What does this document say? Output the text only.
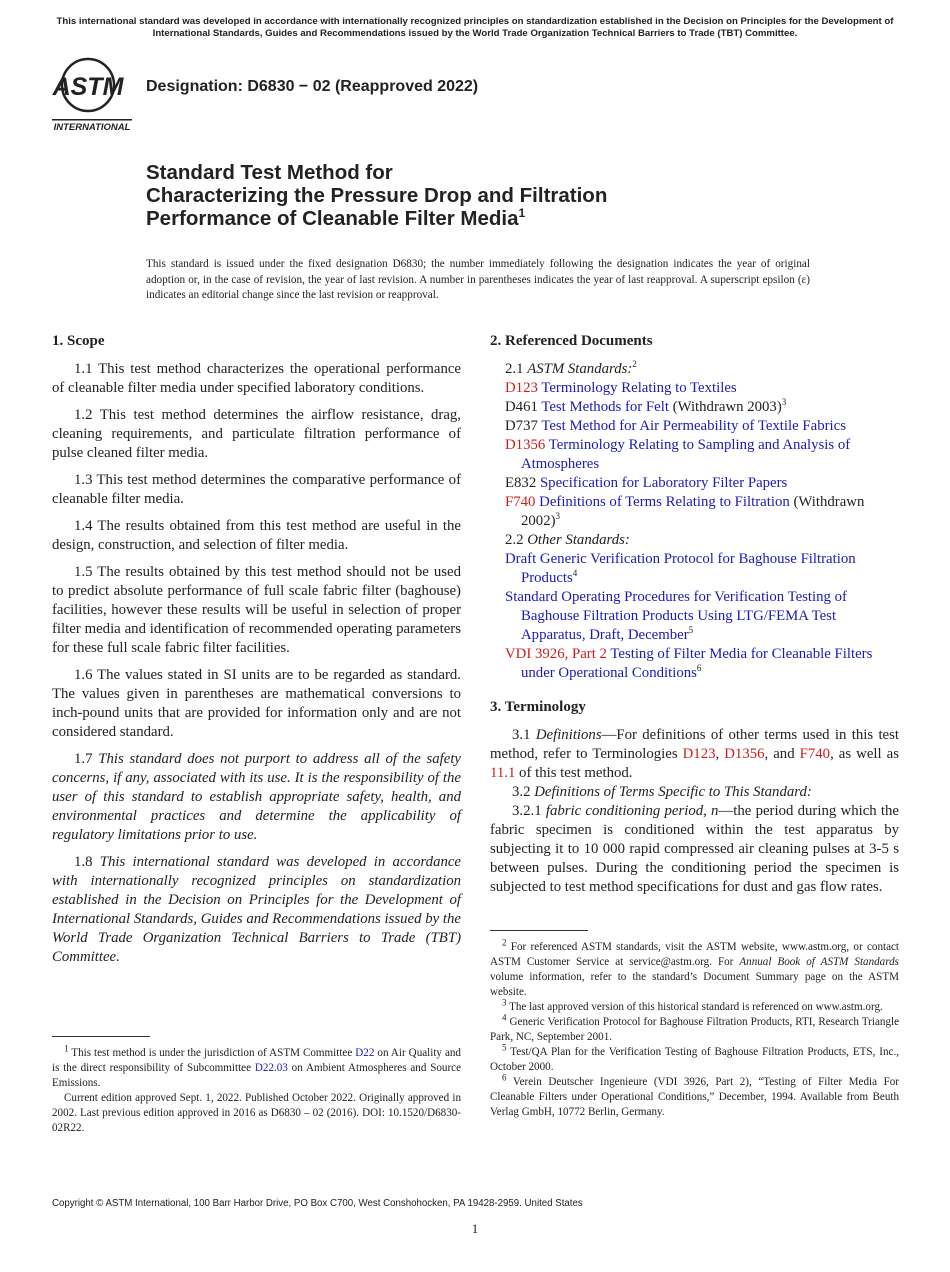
This international standard was developed in accordance with internationally recognized principles on standardization established in the Decision on Principles for the Development of International Standards, Guides and Recommendations issued by the World Trade Organization Technical Barriers to Trade (TBT) Committee.
ASTM
INTERNATIONAL
Designation: D6830 − 02 (Reapproved 2022)
Standard Test Method for
Characterizing the Pressure Drop and Filtration
Performance of Cleanable Filter Media$^1$
This standard is issued under the fixed designation D6830; the number immediately following the designation indicates the year of original adoption or, in the case of revision, the year of last revision. A number in parentheses indicates the year of last reapproval. A superscript epsilon (ε) indicates an editorial change since the last revision or reapproval.
1. Scope

1.1 This test method characterizes the operational performance of cleanable filter media under specified laboratory conditions.

1.2 This test method determines the airflow resistance, drag, cleaning requirements, and particulate filtration performance of pulse cleaned filter media.

1.3 This test method determines the comparative performance of cleanable filter media.

1.4 The results obtained from this test method are useful in the design, construction, and selection of filter media.

1.5 The results obtained by this test method should not be used to predict absolute performance of full scale fabric filter (baghouse) facilities, however these results will be useful in selection of proper filter media and identification of recommended operating parameters for these full scale fabric filter facilities.

1.6 The values stated in SI units are to be regarded as standard. The values given in parentheses are mathematical conversions to inch-pound units that are provided for information only and are not considered standard.

1.7 This standard does not purport to address all of the safety concerns, if any, associated with its use. It is the responsibility of the user of this standard to establish appropriate safety, health, and environmental practices and determine the applicability of regulatory limitations prior to use.

1.8 This international standard was developed in accordance with internationally recognized principles on standardization established in the Decision on Principles for the Development of International Standards, Guides and Recommendations issued by the World Trade Organization Technical Barriers to Trade (TBT) Committee.

2. Referenced Documents

2.1 ASTM Standards:$^2$

D123 Terminology Relating to Textiles

D461 Test Methods for Felt (Withdrawn 2003)$^3$

D737 Test Method for Air Permeability of Textile Fabrics

D1356 Terminology Relating to Sampling and Analysis of Atmospheres

E832 Specification for Laboratory Filter Papers

F740 Definitions of Terms Relating to Filtration (Withdrawn 2002)$^3$

2.2 Other Standards:

Draft Generic Verification Protocol for Baghouse Filtration Products$^4$

Standard Operating Procedures for Verification Testing of Baghouse Filtration Products Using LTG/FEMA Test Apparatus, Draft, December$^5$

VDI 3926, Part 2 Testing of Filter Media for Cleanable Filters under Operational Conditions$^6$

3. Terminology

3.1 Definitions—For definitions of other terms used in this test method, refer to Terminologies D123, D1356, and F740, as well as 11.1 of this test method.

3.2 Definitions of Terms Specific to This Standard:

3.2.1 fabric conditioning period, n—the period during which the fabric specimen is conditioned within the test apparatus by subjecting it to 10 000 rapid compressed air cleaning pulses at 3-5 s between pulses. During the conditioning period the specimen is subjected to test method specifications for dust and gas flow rates.

$^1$ This test method is under the jurisdiction of ASTM Committee D22 on Air Quality and is the direct responsibility of Subcommittee D22.03 on Ambient Atmospheres and Source Emissions.

Current edition approved Sept. 1, 2022. Published October 2022. Originally approved in 2002. Last previous edition approved in 2016 as D6830 – 02 (2016). DOI: 10.1520/D6830-02R22.

$^2$ For referenced ASTM standards, visit the ASTM website, www.astm.org, or contact ASTM Customer Service at service@astm.org. For Annual Book of ASTM Standards volume information, refer to the standard’s Document Summary page on the ASTM website.

$^3$ The last approved version of this historical standard is referenced on www.astm.org.

$^4$ Generic Verification Protocol for Baghouse Filtration Products, RTI, Research Triangle Park, NC, September 2001.

$^5$ Test/QA Plan for the Verification Testing of Baghouse Filtration Products, ETS, Inc., October 2000.

$^6$ Verein Deutscher Ingenieure (VDI 3926, Part 2), “Testing of Filter Media For Cleanable Filters under Operational Conditions,” December, 1994. Available from Beuth Verlag GmbH, 10772 Berlin, Germany.

Copyright © ASTM International, 100 Barr Harbor Drive, PO Box C700, West Conshohocken, PA 19428-2959. United States
1
